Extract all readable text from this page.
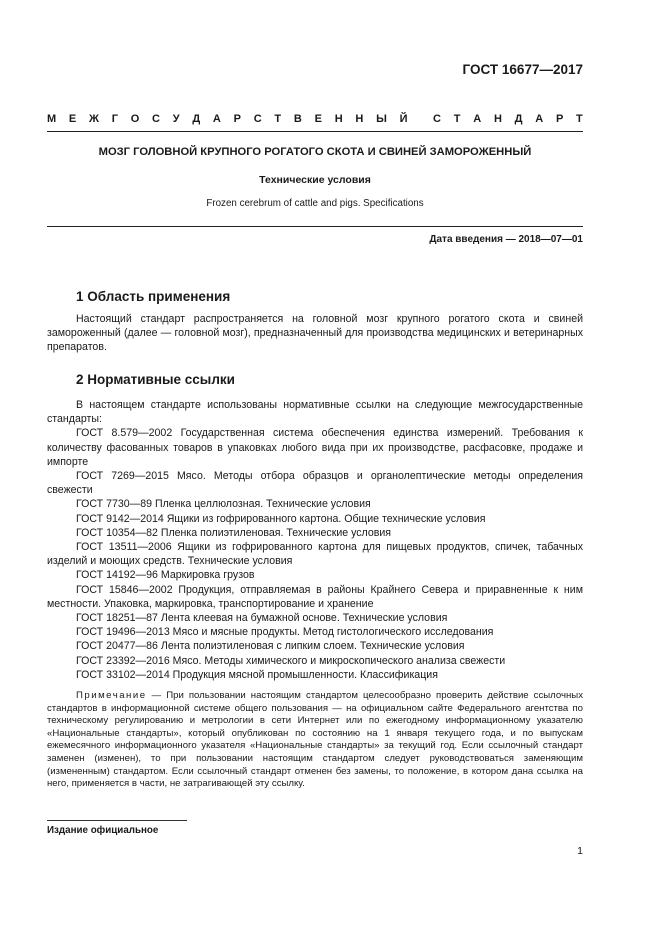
ГОСТ 16677—2017
М Е Ж Г О С У Д А Р С Т В Е Н Н Ы Й С Т А Н Д А Р Т
МОЗГ ГОЛОВНОЙ КРУПНОГО РОГАТОГО СКОТА И СВИНЕЙ ЗАМОРОЖЕННЫЙ
Технические условия
Frozen cerebrum of cattle and pigs. Specifications
Дата введения — 2018—07—01
1 Область применения
Настоящий стандарт распространяется на головной мозг крупного рогатого скота и свиней замороженный (далее — головной мозг), предназначенный для производства медицинских и ветеринарных препаратов.
2 Нормативные ссылки
В настоящем стандарте использованы нормативные ссылки на следующие межгосударственные стандарты:
ГОСТ 8.579—2002 Государственная система обеспечения единства измерений. Требования к количеству фасованных товаров в упаковках любого вида при их производстве, расфасовке, продаже и импорте
ГОСТ 7269—2015 Мясо. Методы отбора образцов и органолептические методы определения свежести
ГОСТ 7730—89 Пленка целлюлозная. Технические условия
ГОСТ 9142—2014 Ящики из гофрированного картона. Общие технические условия
ГОСТ 10354—82 Пленка полиэтиленовая. Технические условия
ГОСТ 13511—2006 Ящики из гофрированного картона для пищевых продуктов, спичек, табачных изделий и моющих средств. Технические условия
ГОСТ 14192—96 Маркировка грузов
ГОСТ 15846—2002 Продукция, отправляемая в районы Крайнего Севера и приравненные к ним местности. Упаковка, маркировка, транспортирование и хранение
ГОСТ 18251—87 Лента клеевая на бумажной основе. Технические условия
ГОСТ 19496—2013 Мясо и мясные продукты. Метод гистологического исследования
ГОСТ 20477—86 Лента полиэтиленовая с липким слоем. Технические условия
ГОСТ 23392—2016 Мясо. Методы химического и микроскопического анализа свежести
ГОСТ 33102—2014 Продукция мясной промышленности. Классификация
Примечание — При пользовании настоящим стандартом целесообразно проверить действие ссылочных стандартов в информационной системе общего пользования — на официальном сайте Федерального агентства по техническому регулированию и метрологии в сети Интернет или по ежегодному информационному указателю «Национальные стандарты», который опубликован по состоянию на 1 января текущего года, и по выпускам ежемесячного информационного указателя «Национальные стандарты» за текущий год. Если ссылочный стандарт заменен (изменен), то при пользовании настоящим стандартом следует руководствоваться заменяющим (измененным) стандартом. Если ссылочный стандарт отменен без замены, то положение, в котором дана ссылка на него, применяется в части, не затрагивающей эту ссылку.
Издание официальное
1
